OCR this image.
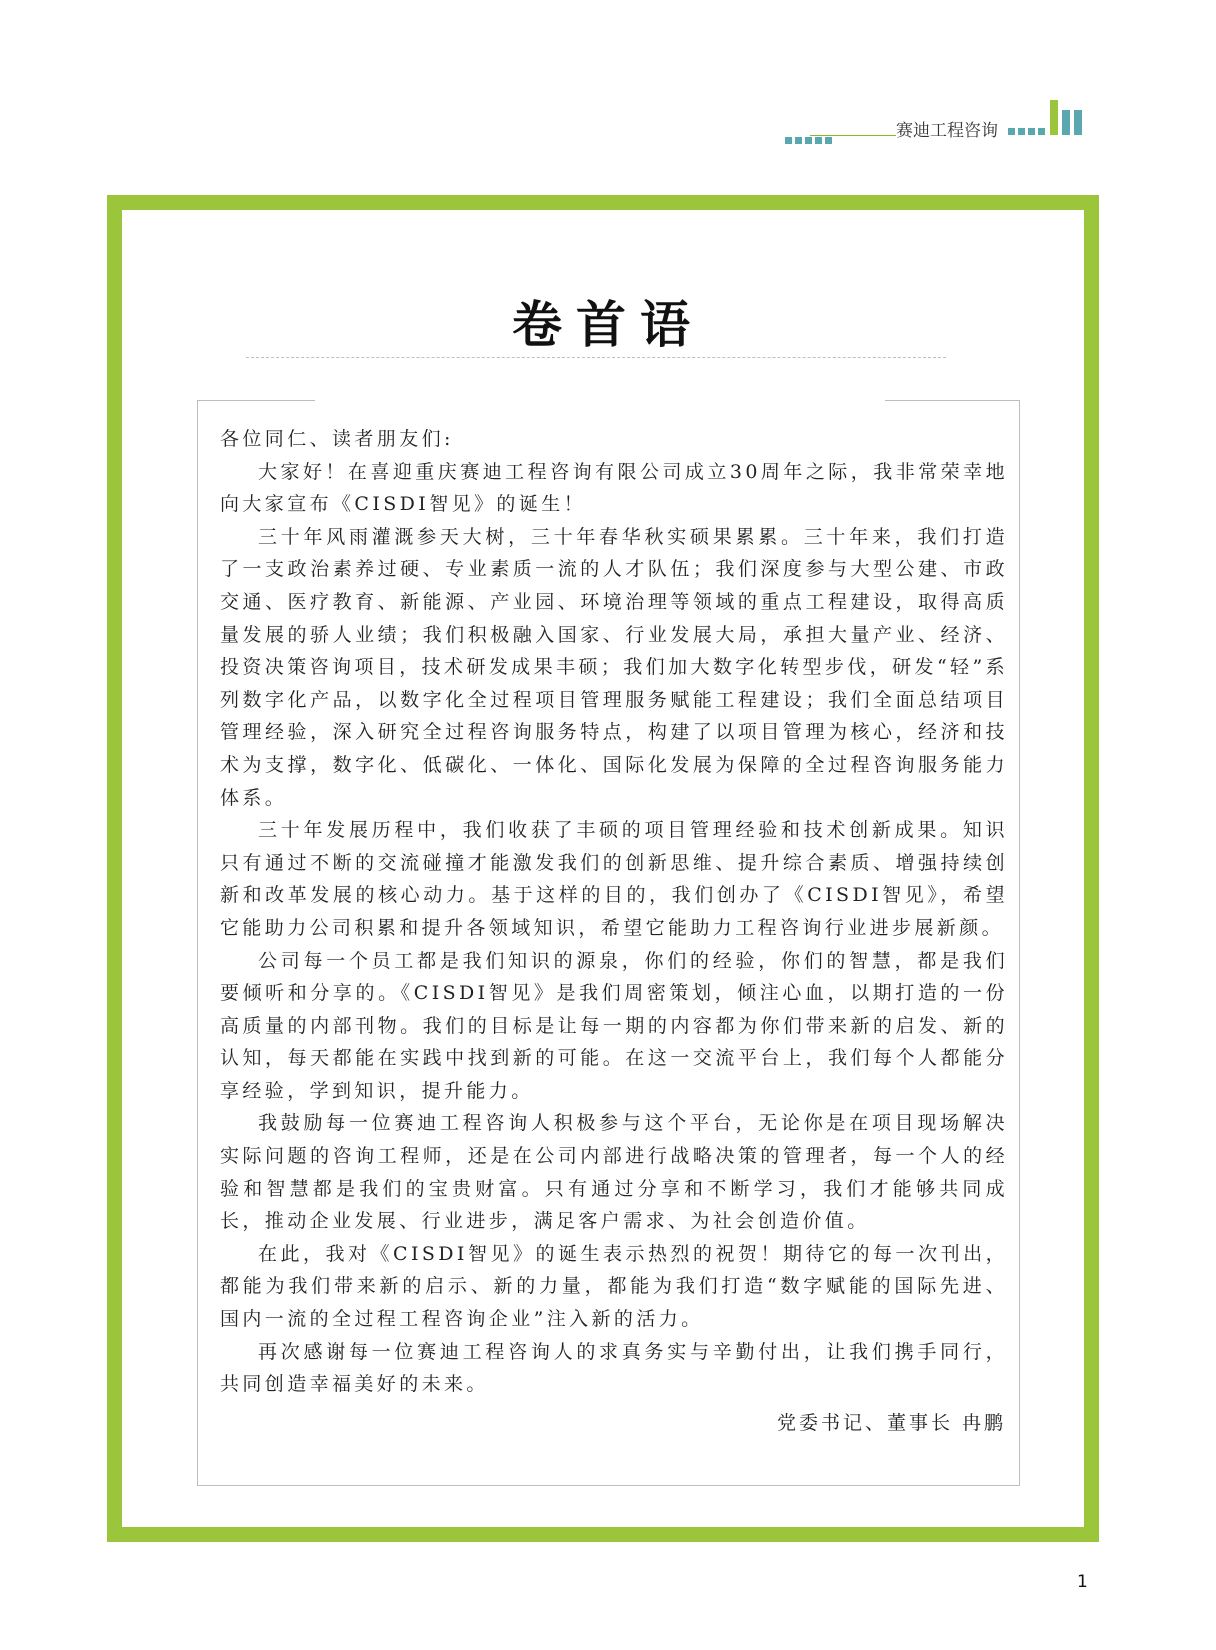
赛迪工程咨询
卷首语

各位同仁、读者朋友们:

大家好！在喜迎重庆赛迪工程咨询有限公司成立30周年之际，我非常荣幸地向大家宣布《CISDI智见》的诞生！

三十年风雨灌溉参天大树，三十年春华秋实硕果累累。三十年来，我们打造了一支政治素养过硬、专业素质一流的人才队伍；我们深度参与大型公建、市政交通、医疗教育、新能源、产业园、环境治理等领域的重点工程建设，取得高质量发展的骄人业绩；我们积极融入国家、行业发展大局，承担大量产业、经济、投资决策咨询项目，技术研发成果丰硕；我们加大数字化转型步伐，研发“轻”系列数字化产品，以数字化全过程项目管理服务赋能工程建设；我们全面总结项目管理经验，深入研究全过程咨询服务特点，构建了以项目管理为核心，经济和技术为支撑，数字化、低碳化、一体化、国际化发展为保障的全过程咨询服务能力体系。

三十年发展历程中，我们收获了丰硕的项目管理经验和技术创新成果。知识只有通过不断的交流碰撞才能激发我们的创新思维、提升综合素质、增强持续创新和改革发展的核心动力。基于这样的目的，我们创办了《CISDI智见》，希望它能助力公司积累和提升各领域知识，希望它能助力工程咨询行业进步展新颜。

公司每一个员工都是我们知识的源泉，你们的经验，你们的智慧，都是我们要倾听和分享的。《CISDI智见》是我们周密策划，倾注心血，以期打造的一份高质量的内部刊物。我们的目标是让每一期的内容都为你们带来新的启发、新的认知，每天都能在实践中找到新的可能。在这一交流平台上，我们每个人都能分享经验，学到知识，提升能力。

我鼓励每一位赛迪工程咨询人积极参与这个平台，无论你是在项目现场解决实际问题的咨询工程师，还是在公司内部进行战略决策的管理者，每一个人的经验和智慧都是我们的宝贵财富。只有通过分享和不断学习，我们才能够共同成长，推动企业发展、行业进步，满足客户需求、为社会创造价值。

在此，我对《CISDI智见》的诞生表示热烈的祝贺！期待它的每一次刊出，都能为我们带来新的启示、新的力量，都能为我们打造“数字赋能的国际先进、国内一流的全过程工程咨询企业”注入新的活力。

再次感谢每一位赛迪工程咨询人的求真务实与辛勤付出，让我们携手同行，共同创造幸福美好的未来。

党委书记、董事长 冉鹏
1
